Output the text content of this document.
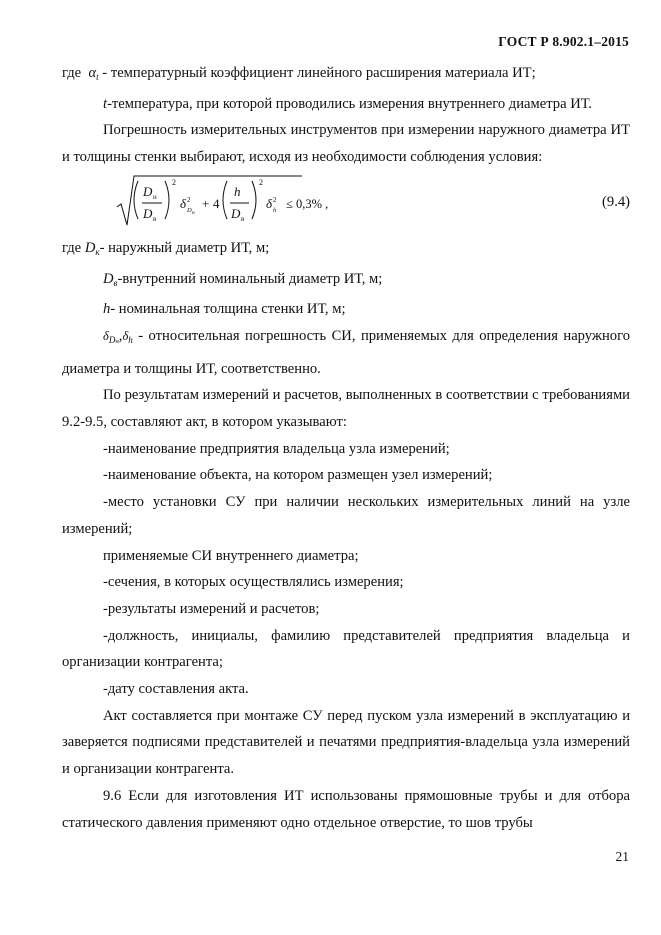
ГОСТ Р 8.902.1–2015

где $\alpha_t$ - температурный коэффициент линейного расширения материала ИТ;

t-температура, при которой проводились измерения внутреннего диаметра ИТ.

Погрешность измерительных инструментов при измерении наружного диаметра ИТ и толщины стенки выбирают, исходя из необходимости соблюдения условия:

D н
D в
2
δ 2
D н
+ 4
h
D в
2
δ 2
h ≤ 0,3% ,	(9.4)

где $D_к-$ наружный диаметр ИТ, м;

$D_в$-внутренний номинальный диаметр ИТ, м;

h- номинальная толщина стенки ИТ, м;

$\delta_{Dн},\delta_h$ - относительная погрешность СИ, применяемых для определения наружного диаметра и толщины ИТ, соответственно.

По результатам измерений и расчетов, выполненных в соответствии с требованиями 9.2-9.5, составляют акт, в котором указывают:

-наименование предприятия владельца узла измерений;

-наименование объекта, на котором размещен узел измерений;

-место установки СУ при наличии нескольких измерительных линий на узле измерений;

применяемые СИ внутреннего диаметра;

-сечения, в которых осуществлялись измерения;

-результаты измерений и расчетов;

-должность, инициалы, фамилию представителей предприятия владельца и организации контрагента;

-дату составления акта.

Акт составляется при монтаже СУ перед пуском узла измерений в эксплуатацию и заверяется подписями представителей и печатями предприятия-владельца узла измерений и организации контрагента.

9.6 Если для изготовления ИТ использованы прямошовные трубы и для отбора статического давления применяют одно отдельное отверстие, то шов трубы

21
